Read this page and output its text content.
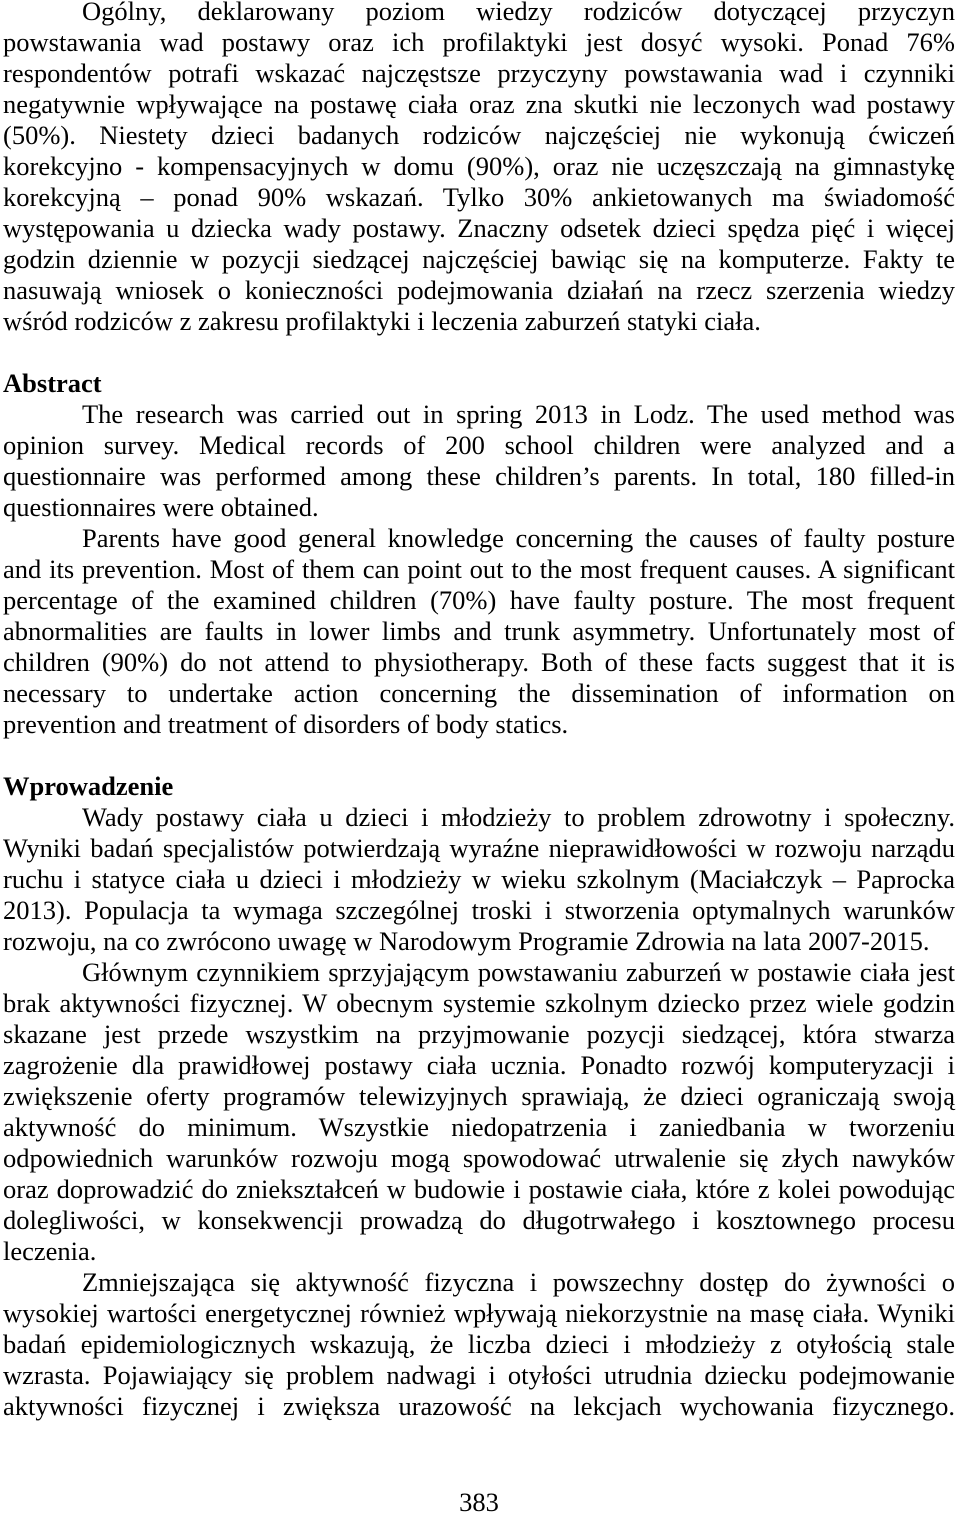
Ogólny, deklarowany poziom wiedzy rodziców dotyczącej przyczyn
powstawania wad postawy oraz ich profilaktyki jest dosyć wysoki. Ponad 76%
respondentów potrafi wskazać najczęstsze przyczyny powstawania wad i czynniki
negatywnie wpływające na postawę ciała oraz zna skutki nie leczonych wad postawy
(50%). Niestety dzieci badanych rodziców najczęściej nie wykonują ćwiczeń
korekcyjno - kompensacyjnych w domu (90%), oraz nie uczęszczają na gimnastykę
korekcyjną – ponad 90% wskazań. Tylko 30% ankietowanych ma świadomość
występowania u dziecka wady postawy. Znaczny odsetek dzieci spędza pięć i więcej
godzin dziennie w pozycji siedzącej najczęściej bawiąc się na komputerze. Fakty te
nasuwają wniosek o konieczności podejmowania działań na rzecz szerzenia wiedzy
wśród rodziców z zakresu profilaktyki i leczenia zaburzeń statyki ciała.
Abstract
The research was carried out in spring 2013 in Lodz. The used method was
opinion survey. Medical records of 200 school children were analyzed and a
questionnaire was performed among these children’s parents. In total, 180 filled-in
questionnaires were obtained.
Parents have good general knowledge concerning the causes of faulty posture
and its prevention. Most of them can point out to the most frequent causes. A significant
percentage of the examined children (70%) have faulty posture. The most frequent
abnormalities are faults in lower limbs and trunk asymmetry. Unfortunately most of
children (90%) do not attend to physiotherapy. Both of these facts suggest that it is
necessary to undertake action concerning the dissemination of information on
prevention and treatment of disorders of body statics.
Wprowadzenie
Wady postawy ciała u dzieci i młodzieży to problem zdrowotny i społeczny.
Wyniki badań specjalistów potwierdzają wyraźne nieprawidłowości w rozwoju narządu
ruchu i statyce ciała u dzieci i młodzieży w wieku szkolnym (Maciałczyk – Paprocka
2013). Populacja ta wymaga szczególnej troski i stworzenia optymalnych warunków
rozwoju, na co zwrócono uwagę w Narodowym Programie Zdrowia na lata 2007-2015.
Głównym czynnikiem sprzyjającym powstawaniu zaburzeń w postawie ciała jest
brak aktywności fizycznej. W obecnym systemie szkolnym dziecko przez wiele godzin
skazane jest przede wszystkim na przyjmowanie pozycji siedzącej, która stwarza
zagrożenie dla prawidłowej postawy ciała ucznia. Ponadto rozwój komputeryzacji i
zwiększenie oferty programów telewizyjnych sprawiają, że dzieci ograniczają swoją
aktywność do minimum. Wszystkie niedopatrzenia i zaniedbania w tworzeniu
odpowiednich warunków rozwoju mogą spowodować utrwalenie się złych nawyków
oraz doprowadzić do zniekształceń w budowie i postawie ciała, które z kolei powodując
dolegliwości, w konsekwencji prowadzą do długotrwałego i kosztownego procesu
leczenia.
Zmniejszająca się aktywność fizyczna i powszechny dostęp do żywności o
wysokiej wartości energetycznej również wpływają niekorzystnie na masę ciała. Wyniki
badań epidemiologicznych wskazują, że liczba dzieci i młodzieży z otyłością stale
wzrasta. Pojawiający się problem nadwagi i otyłości utrudnia dziecku podejmowanie
aktywności fizycznej i zwiększa urazowość na lekcjach wychowania fizycznego.
383
